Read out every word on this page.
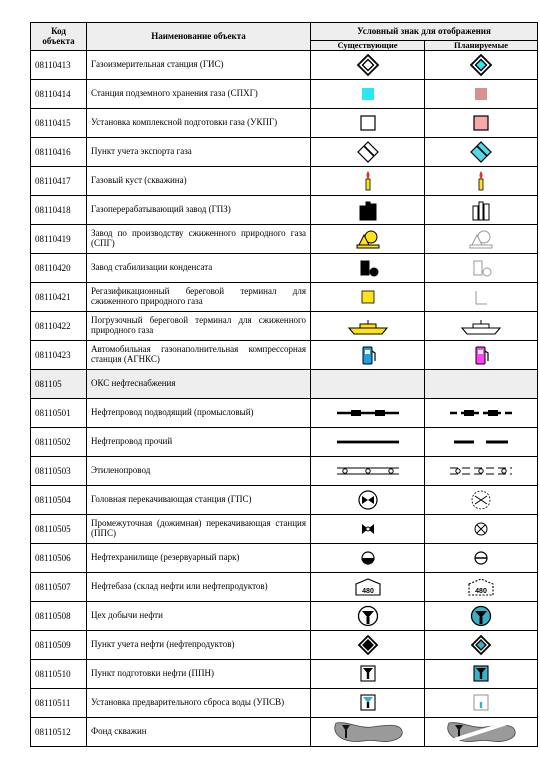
Код объекта	Наименование объекта	Условный знак для отображения	
		Существующие	Планируемые
08110413	Газоизмерительная станция (ГИС)	

08110414	Станция подземного хранения газа (СПХГ)	

08110415	Установка комплексной подготовки газа (УКПГ)	

08110416	Пункт учета экспорта газа	

08110417	Газовый куст (скважина)	

08110418	Газоперерабатывающий завод (ГПЗ)	

08110419	Завод по производству сжиженного природного газа (СПГ)	

08110420	Завод стабилизации конденсата	

08110421	Регазификационный береговой терминал для сжиженного природного газа	

08110422	Погрузочный береговой терминал для сжиженного природного газа	

08110423	Автомобильная газонаполнительная компрессорная станция (АГНКС)	

081105	ОКС нефтеснабжения		
08110501	Нефтепровод подводящий (промысловый)	

08110502	Нефтепровод прочий	

08110503	Этиленопровод	

08110504	Головная перекачивающая станция (ГПС)	

08110505	Промежуточная (дожимная) перекачивающая станция (ППС)	

08110506	Нефтехранилище (резервуарный парк)	

08110507	Нефтебаза (склад нефти или нефтепродуктов)	480	480

08110508	Цех добычи нефти	

08110509	Пункт учета нефти (нефтепродуктов)	

08110510	Пункт подготовки нефти (ППН)	

08110511	Установка предварительного сброса воды (УПСВ)	

08110512	Фонд скважин	
